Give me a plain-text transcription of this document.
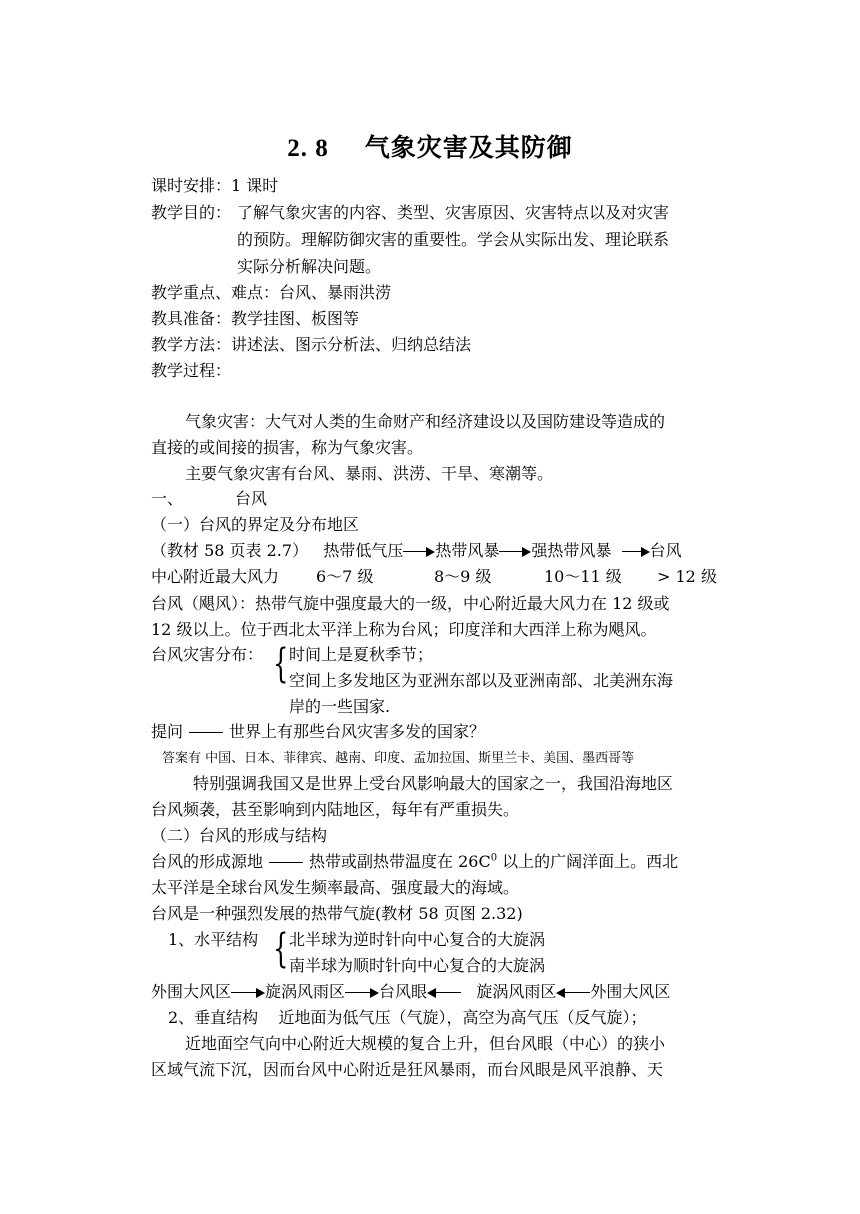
2. 8 气象灾害及其防御
课时安排：1 课时
教学目的： 了解气象灾害的内容、类型、灾害原因、灾害特点以及对灾害
的预防。理解防御灾害的重要性。学会从实际出发、理论联系
实际分析解决问题。
教学重点、难点：台风、暴雨洪涝
教具准备：教学挂图、板图等
教学方法：讲述法、图示分析法、归纳总结法
教学过程：
气象灾害：大气对人类的生命财产和经济建设以及国防建设等造成的
直接的或间接的损害，称为气象灾害。
主要气象灾害有台风、暴雨、洪涝、干旱、寒潮等。
一、	台风
（一）台风的界定及分布地区
（教材 58 页表 2.7） 热带低气压 热带风暴 强热带风暴 台风
中心附近最大风力 6～7 级	8～9 级	10～11 级 > 12 级
台风（飓风）：热带气旋中强度最大的一级，中心附近最大风力在 12 级或
12 级以上。位于西北太平洋上称为台风；印度洋和大西洋上称为飓风。
台风灾害分布： { 时间上是夏秋季节；
空间上多发地区为亚洲东部以及亚洲南部、北美洲东海
岸的一些国家.
提问	世界上有那些台风灾害多发的国家？
答案有 中国、日本、菲律宾、越南、印度、孟加拉国、斯里兰卡、美国、墨西哥等
特别强调我国又是世界上受台风影响最大的国家之一，我国沿海地区
台风频袭，甚至影响到内陆地区，每年有严重损失。
（二）台风的形成与结构
台风的形成源地	热带或副热带温度在 $26C^0$ 以上的广阔洋面上。西北
太平洋是全球台风发生频率最高、强度最大的海域。
台风是一种强烈发展的热带气旋(教材 58 页图 2.32)
1、水平结构 { 北半球为逆时针向中心复合的大旋涡
南半球为顺时针向中心复合的大旋涡
外围大风区 旋涡风雨区 台风眼	旋涡风雨区 外围大风区
2、垂直结构 近地面为低气压（气旋），高空为高气压（反气旋）；
近地面空气向中心附近大规模的复合上升，但台风眼（中心）的狭小
区域气流下沉，因而台风中心附近是狂风暴雨，而台风眼是风平浪静、天
